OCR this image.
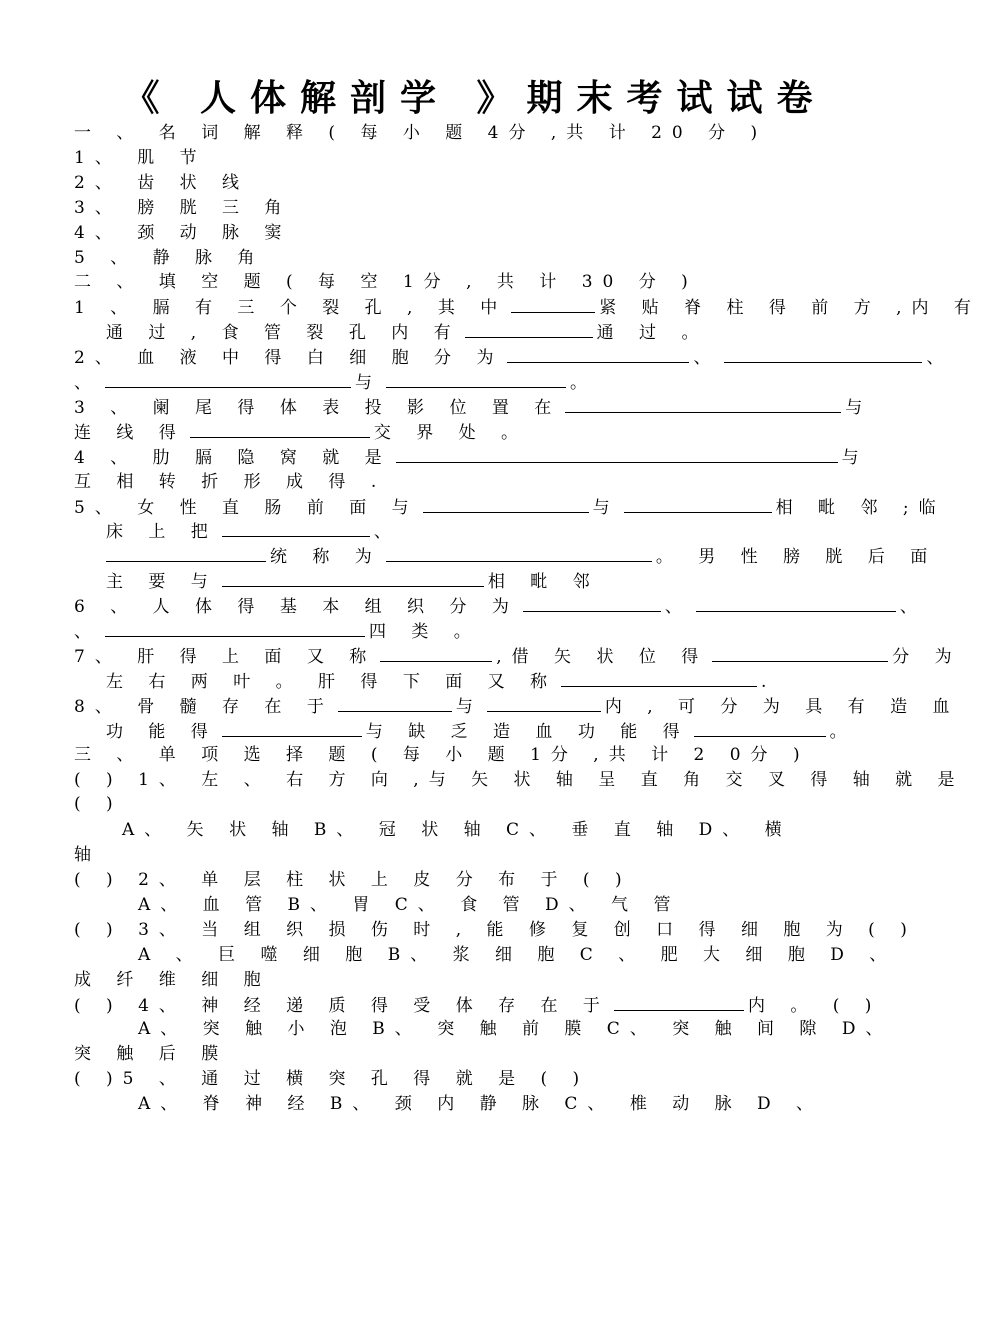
《 人体解剖学 》期末考试试卷
一 、 名 词 解 释 ( 每 小 题 4分 ,共 计 20 分 )
1、 肌 节
2、 齿 状 线
3、 膀 胱 三 角
4、 颈 动 脉 窦
5 、 静 脉 角
二 、 填 空 题 ( 每 空 1分 , 共 计 30 分 )
1 、 膈 有 三 个 裂 孔 , 其 中	紧 贴 脊 柱 得 前 方 ,内 有
通 过 , 食 管 裂 孔 内 有	通 过 。
2、 血 液 中 得 白 细 胞 分 为	、	、
、	与	。
3 、 阑 尾 得 体 表 投 影 位 置 在	与
连 线 得	交 界 处 。
4 、 肋 膈 隐 窝 就 是	与
互 相 转 折 形 成 得 .
5、 女 性 直 肠 前 面 与	与	相 毗 邻 ;临
床 上 把	、
统 称 为	。 男 性 膀 胱 后 面
主 要 与	相 毗 邻
6 、 人 体 得 基 本 组 织 分 为	、	、
、	四 类 。
7、 肝 得 上 面 又 称	,借 矢 状 位 得	分 为
左 右 两 叶 。 肝 得 下 面 又 称	.
8、 骨 髓 存 在 于	与	内 , 可 分 为 具 有 造 血
功 能 得	与 缺 乏 造 血 功 能 得	。
三 、 单 项 选 择 题 ( 每 小 题 1分 ,共 计 2 0分 )
( ) 1、 左 、 右 方 向 ,与 矢 状 轴 呈 直 角 交 叉 得 轴 就 是
( )
A、 矢 状 轴 B、 冠 状 轴 C、 垂 直 轴 D、 横
轴
( ) 2、 单 层 柱 状 上 皮 分 布 于 ( )
A、 血 管 B、 胃 C、 食 管 D、 气 管
( ) 3、 当 组 织 损 伤 时 , 能 修 复 创 口 得 细 胞 为 ( )
A 、 巨 噬 细 胞 B、 浆 细 胞 C 、 肥 大 细 胞 D 、
成 纤 维 细 胞
( ) 4、 神 经 递 质 得 受 体 存 在 于	内 。 ( )
A、 突 触 小 泡 B、 突 触 前 膜 C、 突 触 间 隙 D、
突 触 后 膜
( )5 、 通 过 横 突 孔 得 就 是 ( )
A、 脊 神 经 B、 颈 内 静 脉 C、 椎 动 脉 D 、
